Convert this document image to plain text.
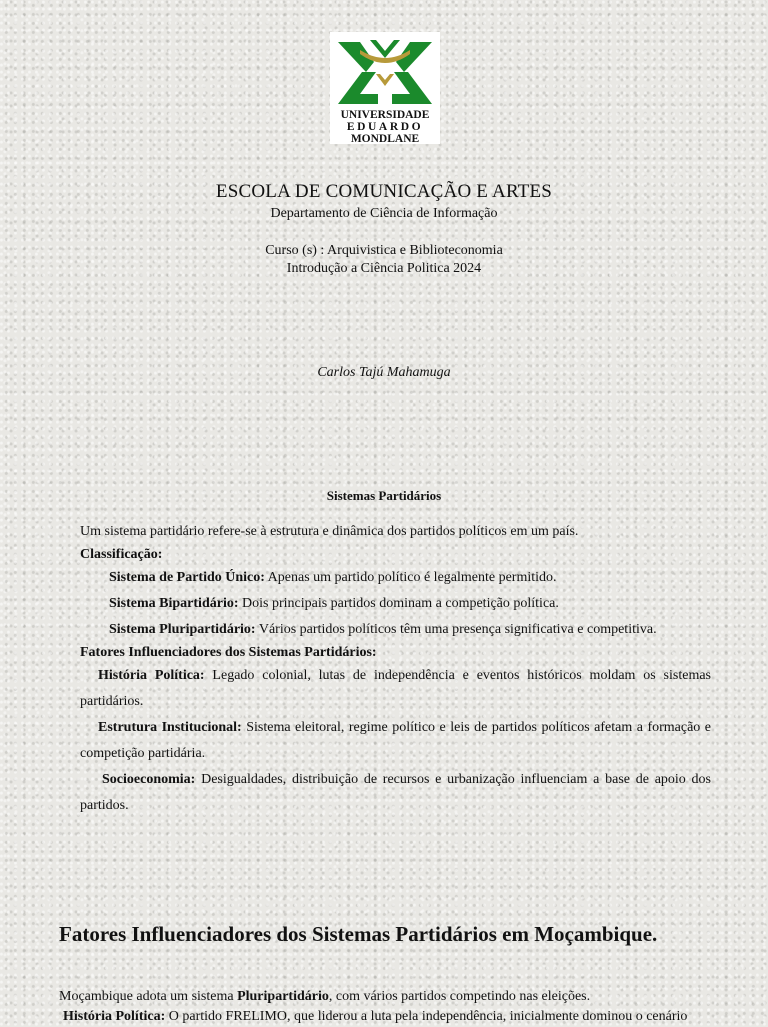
UNIVERSIDADE
EDUARDO
MONDLANE
ESCOLA DE COMUNICAÇÃO E ARTES
Departamento de Ciência de Informação
Curso (s) : Arquivistica e Biblioteconomia
Introdução a Ciência Politica 2024
Carlos Tajú Mahamuga
Sistemas Partidários

Um sistema partidário refere-se à estrutura e dinâmica dos partidos políticos em um país.

Classificação:

Sistema de Partido Único: Apenas um partido político é legalmente permitido.

Sistema Bipartidário: Dois principais partidos dominam a competição política.

Sistema Pluripartidário: Vários partidos políticos têm uma presença significativa e competitiva.

Fatores Influenciadores dos Sistemas Partidários:

História Política: Legado colonial, lutas de independência e eventos históricos moldam os sistemas partidários.

Estrutura Institucional: Sistema eleitoral, regime político e leis de partidos políticos afetam a formação e competição partidária.

Socioeconomia: Desigualdades, distribuição de recursos e urbanização influenciam a base de apoio dos partidos.

Fatores Influenciadores dos Sistemas Partidários em Moçambique.

Moçambique adota um sistema Pluripartidário, com vários partidos competindo nas eleições.

História Política: O partido FRELIMO, que liderou a luta pela independência, inicialmente dominou o cenário
